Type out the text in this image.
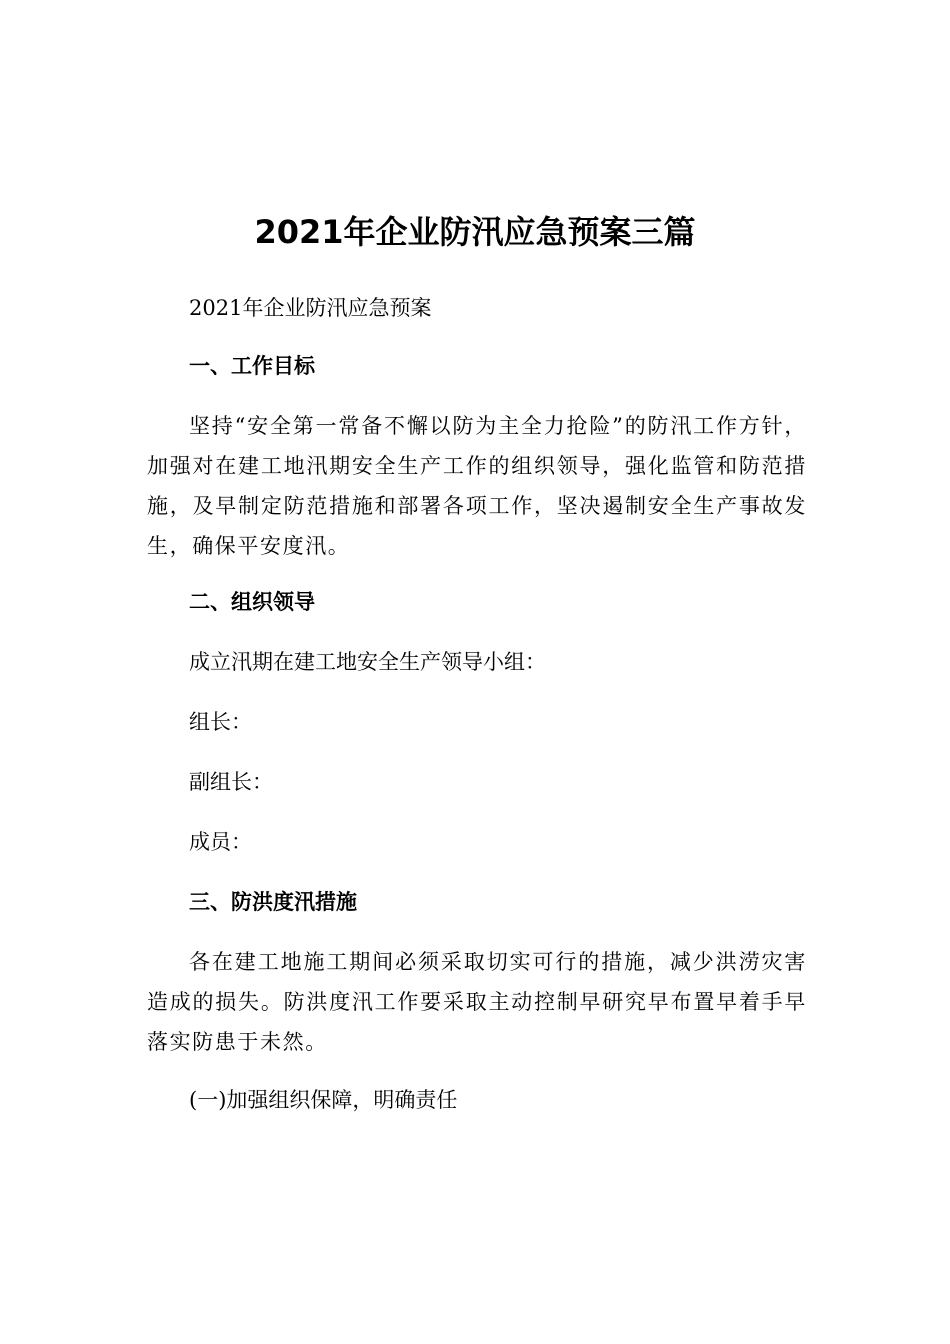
2021年企业防汛应急预案三篇

2021年企业防汛应急预案

一、工作目标

坚持“安全第一常备不懈以防为主全力抢险”的防汛工作方针，加强对在建工地汛期安全生产工作的组织领导，强化监管和防范措施，及早制定防范措施和部署各项工作，坚决遏制安全生产事故发生，确保平安度汛。

二、组织领导

成立汛期在建工地安全生产领导小组：

组长：

副组长：

成员：

三、防洪度汛措施

各在建工地施工期间必须采取切实可行的措施，减少洪涝灾害造成的损失。防洪度汛工作要采取主动控制早研究早布置早着手早落实防患于未然。

(一)加强组织保障，明确责任
